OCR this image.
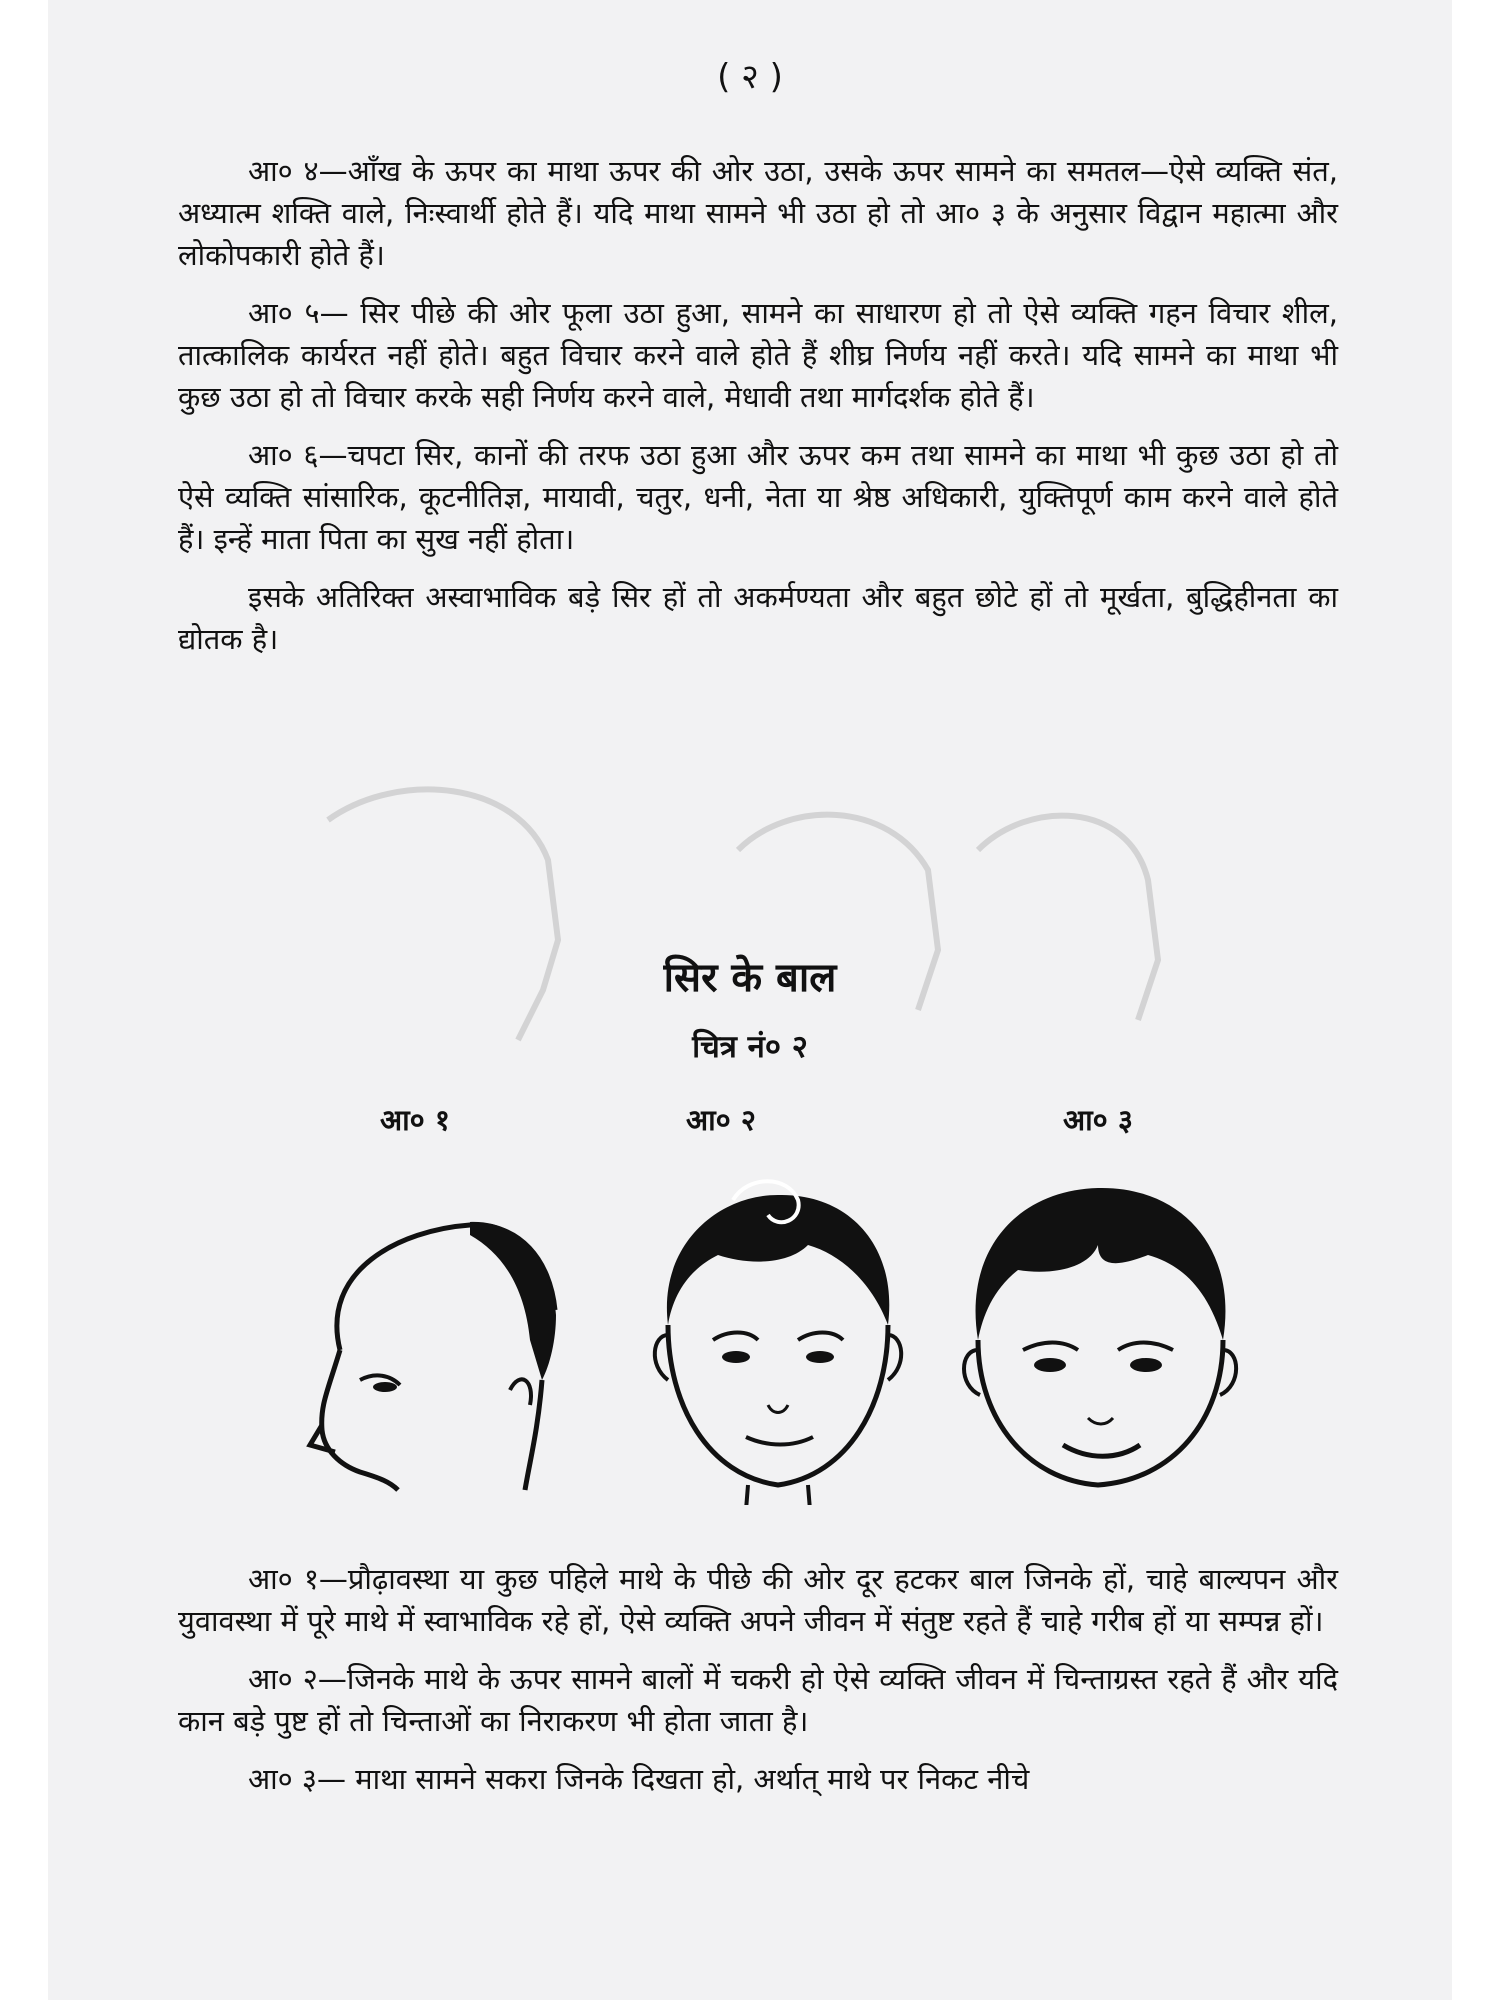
( २ )

आ० ४—आँख के ऊपर का माथा ऊपर की ओर उठा, उसके ऊपर सामने का समतल—ऐसे व्यक्ति संत, अध्यात्म शक्ति वाले, निःस्वार्थी होते हैं। यदि माथा सामने भी उठा हो तो आ० ३ के अनुसार विद्वान महात्मा और लोकोपकारी होते हैं।

आ० ५— सिर पीछे की ओर फूला उठा हुआ, सामने का साधारण हो तो ऐसे व्यक्ति गहन विचार शील, तात्कालिक कार्यरत नहीं होते। बहुत विचार करने वाले होते हैं शीघ्र निर्णय नहीं करते। यदि सामने का माथा भी कुछ उठा हो तो विचार करके सही निर्णय करने वाले, मेधावी तथा मार्गदर्शक होते हैं।

आ० ६—चपटा सिर, कानों की तरफ उठा हुआ और ऊपर कम तथा सामने का माथा भी कुछ उठा हो तो ऐसे व्यक्ति सांसारिक, कूटनीतिज्ञ, मायावी, चतुर, धनी, नेता या श्रेष्ठ अधिकारी, युक्तिपूर्ण काम करने वाले होते हैं। इन्हें माता पिता का सुख नहीं होता।

इसके अतिरिक्त अस्वाभाविक बड़े सिर हों तो अकर्मण्यता और बहुत छोटे हों तो मूर्खता, बुद्धिहीनता का द्योतक है।

सिर के बाल
चित्र नं० २
आ० १	आ० २	आ० ३

आ० १—प्रौढ़ावस्था या कुछ पहिले माथे के पीछे की ओर दूर हटकर बाल जिनके हों, चाहे बाल्यपन और युवावस्था में पूरे माथे में स्वाभाविक रहे हों, ऐसे व्यक्ति अपने जीवन में संतुष्ट रहते हैं चाहे गरीब हों या सम्पन्न हों।

आ० २—जिनके माथे के ऊपर सामने बालों में चकरी हो ऐसे व्यक्ति जीवन में चिन्ताग्रस्त रहते हैं और यदि कान बड़े पुष्ट हों तो चिन्ताओं का निराकरण भी होता जाता है।

आ० ३— माथा सामने सकरा जिनके दिखता हो, अर्थात् माथे पर निकट नीचे
